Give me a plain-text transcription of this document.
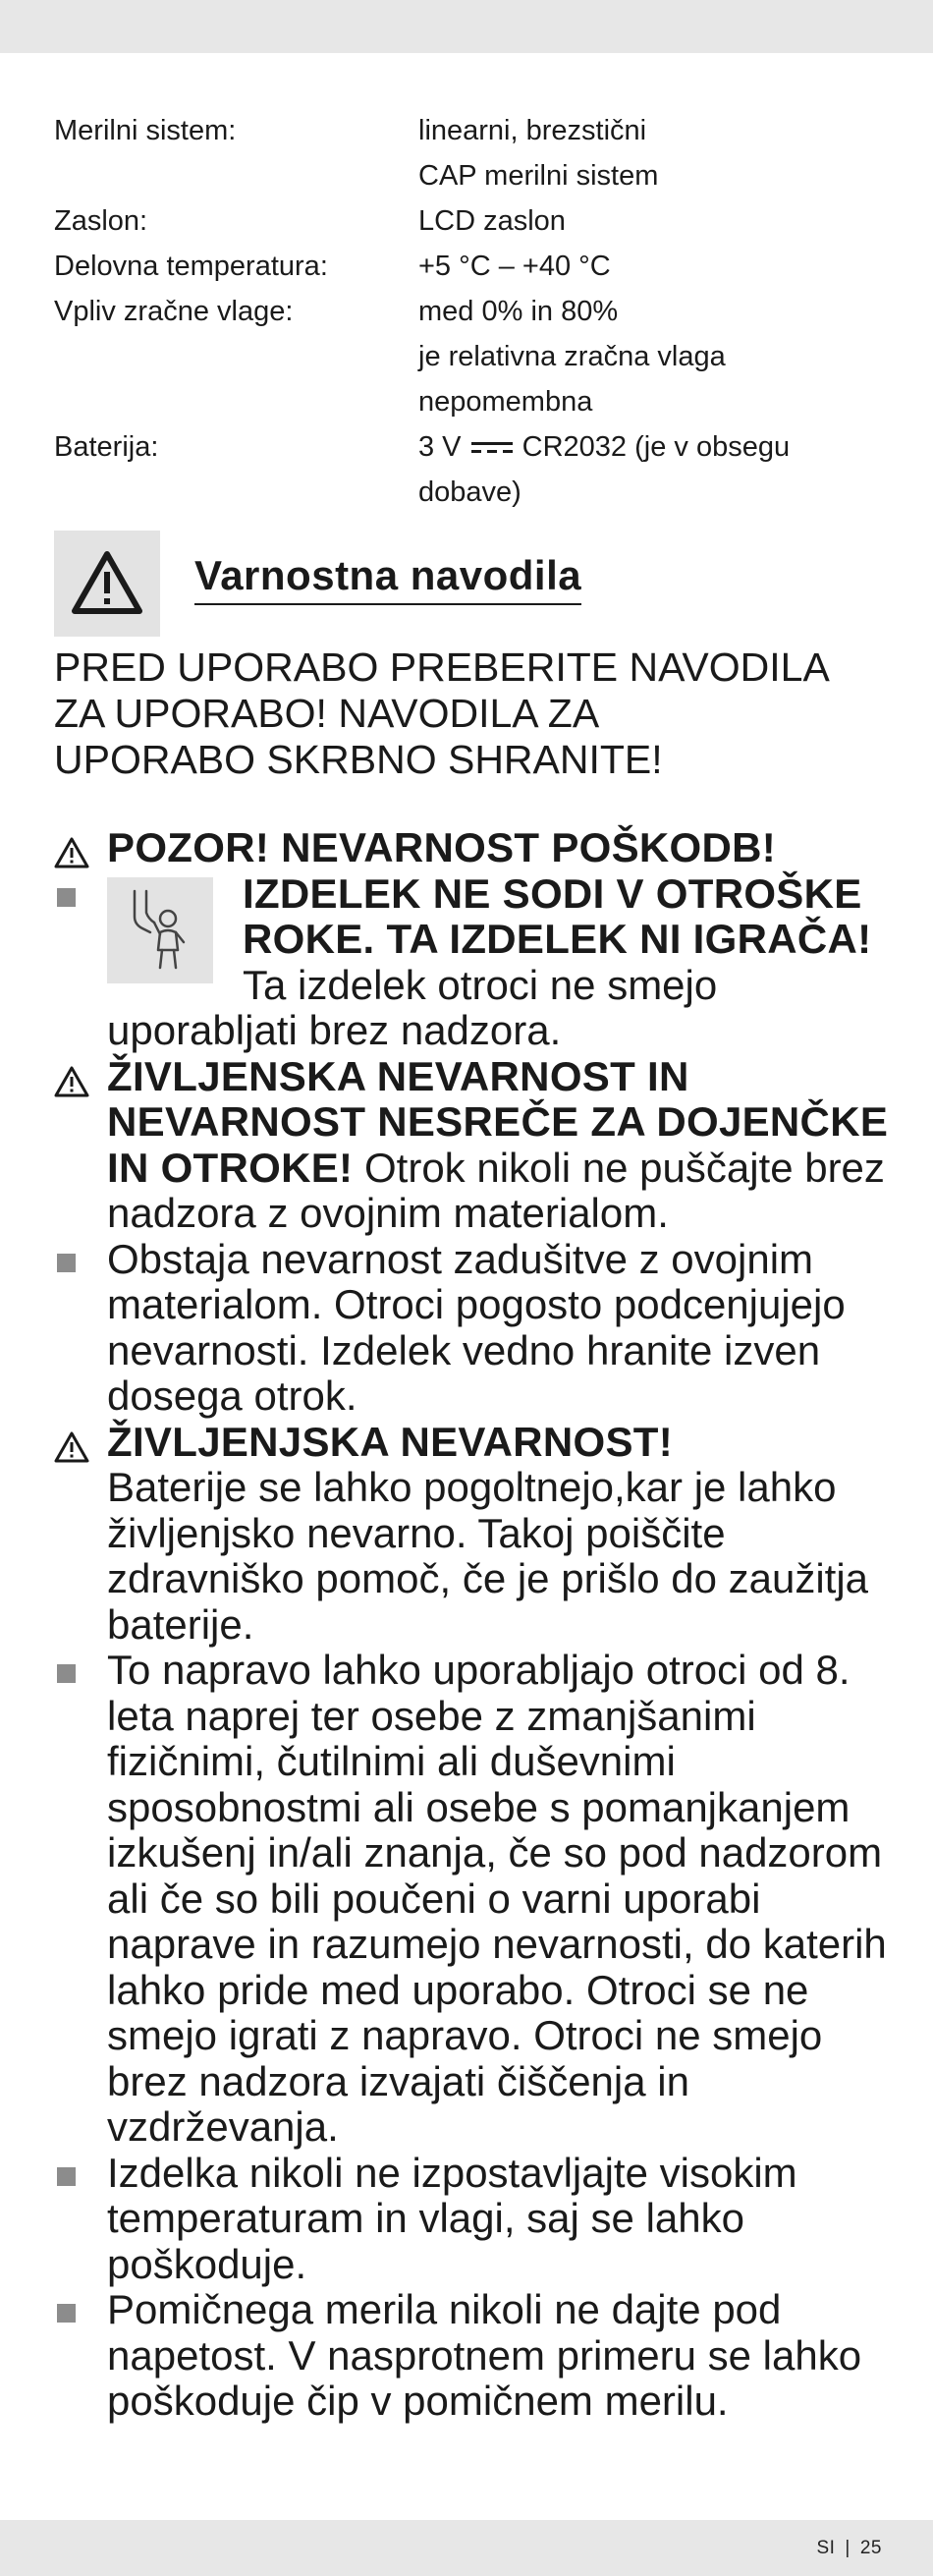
Merilni sistem:	linearni, brezstični
CAP merilni sistem
Zaslon:	LCD zaslon
Delovna temperatura:	+5 °C – +40 °C
Vpliv zračne vlage:	med 0% in 80%
je relativna zračna vlaga
nepomembna
Baterija:	3 V CR2032 (je v obsegu
dobave)
Varnostna navodila
PRED UPORABO PREBERITE NAVODILA
ZA UPORABO! NAVODILA ZA
UPORABO SKRBNO SHRANITE!
POZOR! NEVARNOST POŠKODB!
IZDELEK NE SODI V OTROŠKE ROKE. TA IZDELEK NI IGRAČA! Ta izdelek otroci ne smejo uporabljati brez nadzora.
ŽIVLJENSKA NEVARNOST IN NEVARNOST NESREČE ZA DOJENČKE IN OTROKE! Otrok nikoli ne puščajte brez nadzora z ovojnim materialom.
Obstaja nevarnost zadušitve z ovojnim materialom. Otroci pogosto podcenjujejo nevarnosti. Izdelek vedno hranite izven dosega otrok.
ŽIVLJENJSKA NEVARNOST!
Baterije se lahko pogoltnejo,kar je lahko življenjsko nevarno. Takoj poiščite zdravniško pomoč, če je prišlo do zaužitja baterije.
To napravo lahko uporabljajo otroci od 8. leta naprej ter osebe z zmanjšanimi fizičnimi, čutilnimi ali duševnimi sposobnostmi ali osebe s pomanjkanjem izkušenj in/ali znanja, če so pod nadzorom ali če so bili poučeni o varni uporabi naprave in razumejo nevarnosti, do katerih lahko pride med uporabo. Otroci se ne smejo igrati z napravo. Otroci ne smejo brez nadzora izvajati čiščenja in vzdrževanja.
Izdelka nikoli ne izpostavljajte visokim temperaturam in vlagi, saj se lahko poškoduje.
Pomičnega merila nikoli ne dajte pod napetost. V nasprotnem primeru se lahko poškoduje čip v pomičnem merilu.
SI | 25
